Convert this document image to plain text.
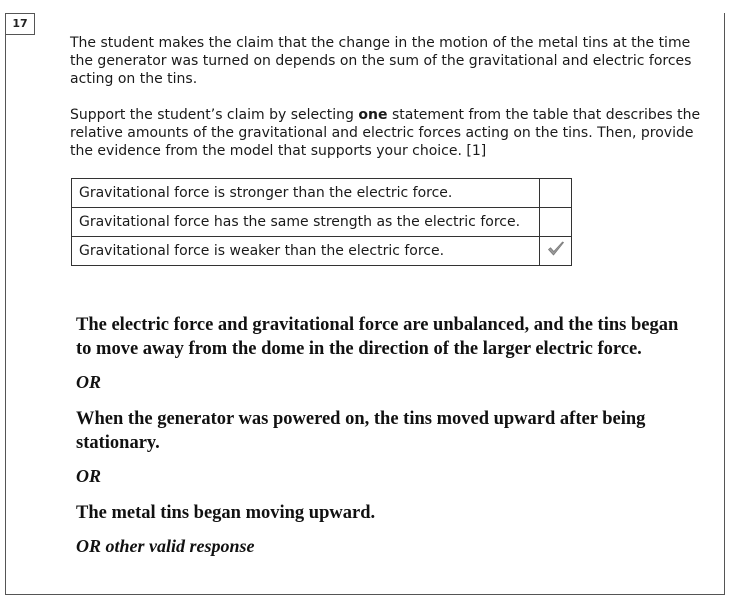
17
The student makes the claim that the change in the motion of the metal tins at the time the generator was turned on depends on the sum of the gravitational and electric forces acting on the tins.
Support the student’s claim by selecting one statement from the table that describes the relative amounts of the gravitational and electric forces acting on the tins. Then, provide the evidence from the model that supports your choice. [1]
Gravitational force is stronger than the electric force.	
Gravitational force has the same strength as the electric force.	
Gravitational force is weaker than the electric force.	
The electric force and gravitational force are unbalanced, and the tins began to move away from the dome in the direction of the larger electric force.
OR
When the generator was powered on, the tins moved upward after being stationary.
OR
The metal tins began moving upward.
OR other valid response
